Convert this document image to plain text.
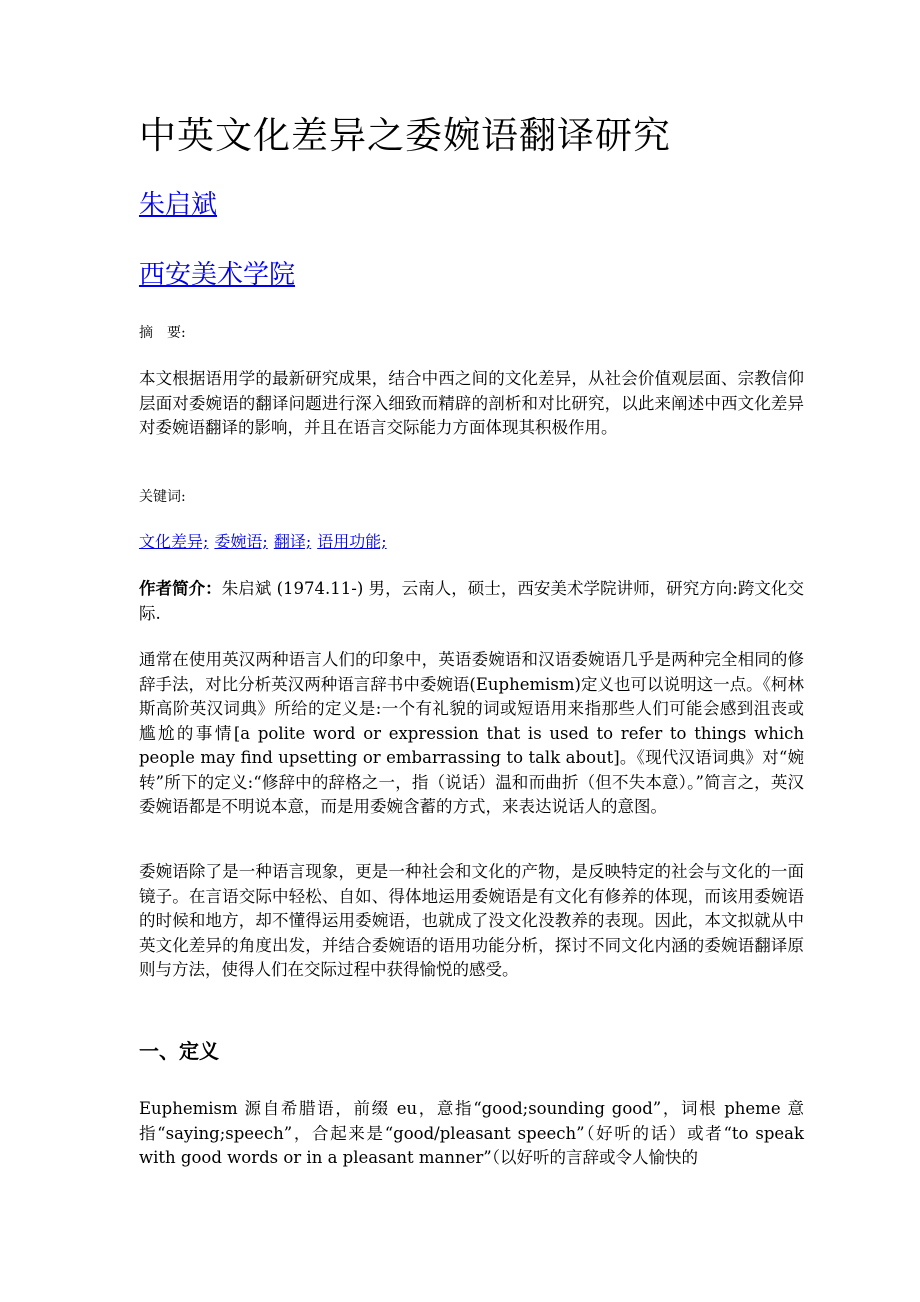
中英文化差异之委婉语翻译研究
朱启斌
西安美术学院
摘　要:

本文根据语用学的最新研究成果，结合中西之间的文化差异，从社会价值观层面、宗教信仰层面对委婉语的翻译问题进行深入细致而精辟的剖析和对比研究，以此来阐述中西文化差异对委婉语翻译的影响，并且在语言交际能力方面体现其积极作用。

关键词:
文化差异; 委婉语; 翻译; 语用功能;

作者简介：朱启斌 (1974.11-) 男，云南人，硕士，西安美术学院讲师，研究方向:跨文化交际.

通常在使用英汉两种语言人们的印象中，英语委婉语和汉语委婉语几乎是两种完全相同的修辞手法，对比分析英汉两种语言辞书中委婉语(Euphemism)定义也可以说明这一点。《柯林斯高阶英汉词典》所给的定义是:一个有礼貌的词或短语用来指那些人们可能会感到沮丧或尴尬的事情[a polite word or expression that is used to refer to things which people may find upsetting or embarrassing to talk about]。《现代汉语词典》对“婉转”所下的定义:“修辞中的辞格之一，指（说话）温和而曲折（但不失本意）。”简言之，英汉委婉语都是不明说本意，而是用委婉含蓄的方式，来表达说话人的意图。

委婉语除了是一种语言现象，更是一种社会和文化的产物，是反映特定的社会与文化的一面镜子。在言语交际中轻松、自如、得体地运用委婉语是有文化有修养的体现，而该用委婉语的时候和地方，却不懂得运用委婉语，也就成了没文化没教养的表现。因此，本文拟就从中英文化差异的角度出发，并结合委婉语的语用功能分析，探讨不同文化内涵的委婉语翻译原则与方法，使得人们在交际过程中获得愉悦的感受。

一、定义

Euphemism 源自希腊语，前缀 eu，意指“good;sounding good”，词根 pheme 意指“saying;speech”，合起来是“good/pleasant speech”（好听的话）或者“to speak with good words or in a pleasant manner”（以好听的言辞或令人愉快的
